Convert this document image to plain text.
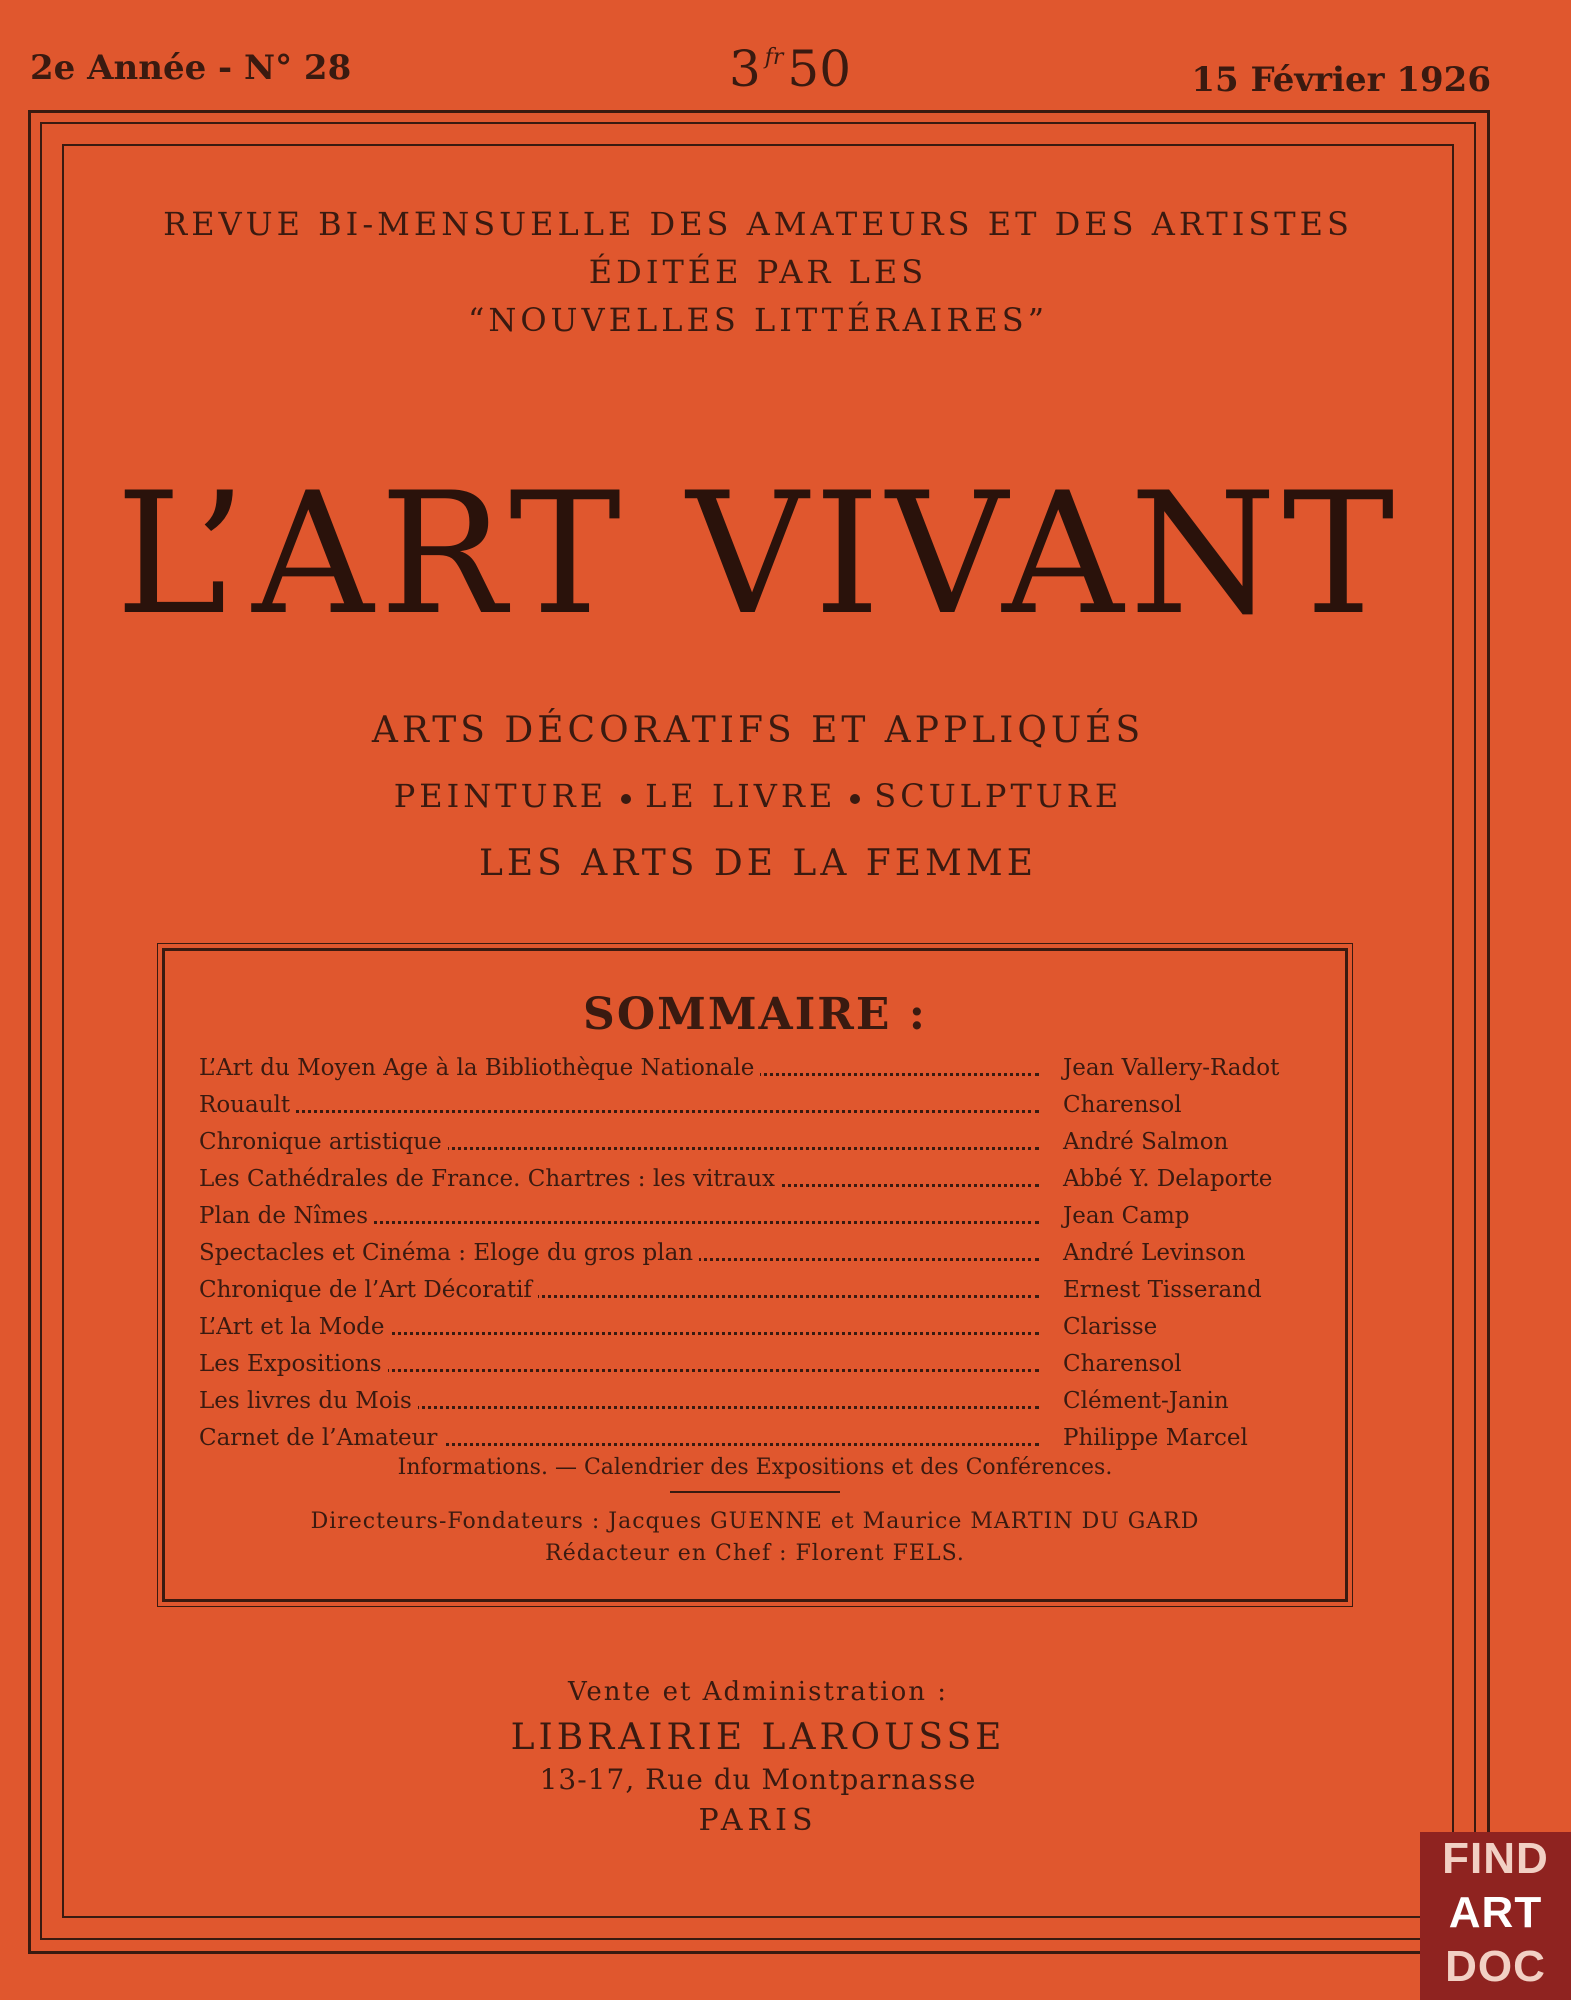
2e Année - N° 28	3 $^{fr}$50	15 Février 1926
REVUE BI-MENSUELLE DES AMATEURS ET DES ARTISTES
ÉDITÉE PAR LES
“NOUVELLES LITTÉRAIRES”
L’ART VIVANT
ARTS DÉCORATIFS ET APPLIQUÉS
PEINTURE LE LIVRE SCULPTURE
LES ARTS DE LA FEMME
SOMMAIRE :
L’Art du Moyen Age à la Bibliothèque Nationale	Jean Vallery-Radot
Rouault	Charensol
Chronique artistique	André Salmon
Les Cathédrales de France. Chartres : les vitraux	Abbé Y. Delaporte
Plan de Nîmes	Jean Camp
Spectacles et Cinéma : Eloge du gros plan	André Levinson
Chronique de l’Art Décoratif	Ernest Tisserand
L’Art et la Mode	Clarisse
Les Expositions	Charensol
Les livres du Mois	Clément-Janin
Carnet de l’Amateur	Philippe Marcel
Informations. — Calendrier des Expositions et des Conférences.
Directeurs-Fondateurs : Jacques GUENNE et Maurice MARTIN DU GARD
Rédacteur en Chef : Florent FELS.
Vente et Administration :
LIBRAIRIE LAROUSSE
13-17, Rue du Montparnasse
PARIS
FIND
ART
DOC
